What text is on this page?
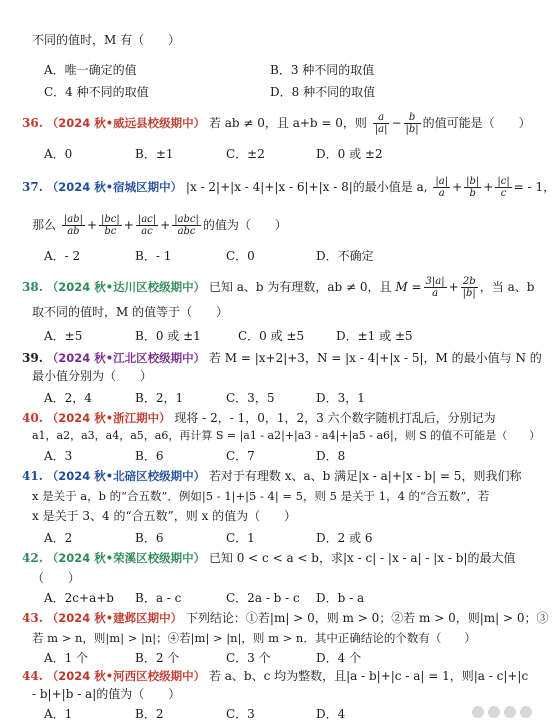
不同的值时，M 有（　　）
A．唯一确定的值	B．3 种不同的取值
C．4 种不同的取值	D．8 种不同的取值
36. （2024 秋•威远县校级期中） 若 ab ≠ 0，且 a+b = 0，则 $\frac{a}{|a|} - \frac{b}{|b|}$ 的值可能是（　　）
A．0	B．±1	C．±2	D．0 或 ±2
37. （2024 秋•宿城区期中） |x - 2|+|x - 4|+|x - 6|+|x - 8|的最小值是 a, $\frac{|a|}{a} + \frac{|b|}{b} + \frac{|c|}{c}$ = - 1，
那么 $\frac{|ab|}{ab} + \frac{|bc|}{bc} + \frac{|ac|}{ac} + \frac{\text{|abc|}}{\text{abc}}$ 的值为（　　）
A．- 2	B．- 1	C．0	D．不确定
38. （2024 秋•达川区校级期中） 已知 a、b 为有理数，ab ≠ 0，且 $M = \frac{3|a|}{a} + \frac{2b}{|b|}$ ，当 a、b
取不同的值时，M 的值等于（　　）
A．±5	B．0 或 ±1	C．0 或 ±5	D．±1 或 ±5
39. （2024 秋•江北区校级期中） 若 M = |x+2|+3，N = |x - 4|+|x - 5|，M 的最小值与 N 的
最小值分别为（　　）
A．2，4	B．2，1	C．3，5	D．3，1
40. （2024 秋•浙江期中） 现将 - 2，- 1，0，1，2，3 六个数字随机打乱后，分别记为
a1，a2，a3，a4，a5，a6，再计算 S = |a1 - a2|+|a3 - a4|+|a5 - a6|，则 S 的值不可能是（　　）
A．3	B．6	C．7	D．8
41. （2024 秋•北碚区校级期中） 若对于有理数 x、a、b 满足|x - a|+|x - b| = 5，则我们称
x 是关于 a，b 的“合五数”．例如|5 - 1|+|5 - 4| = 5，则 5 是关于 1，4 的“合五数”，若
x 是关于 3、4 的“合五数”，则 x 的值为（　　）
A．2	B．6	C．1	D．2 或 6
42. （2024 秋•荣溪区校级期中） 已知 0 < c < a < b，求|x - c| - |x - a| - |x - b|的最大值
（　　）
A．2c+a+b B．a - c	C．2a - b - c D．b - a
43. （2024 秋•建邺区期中） 下列结论：①若|m| > 0，则 m > 0；②若 m > 0，则|m| > 0；③
若 m > n，则|m| > |n|；④若|m| > |n|，则 m > n．其中正确结论的个数有（　　）
A．1 个	B．2 个	C．3 个	D．4 个
44. （2024 秋•河西区校级期中） 若 a、b、c 均为整数，且|a - b|+|c - a| = 1，则|a - c|+|c
- b|+|b - a|的值为（　　）
A．1	B．2	C．3	D．4
